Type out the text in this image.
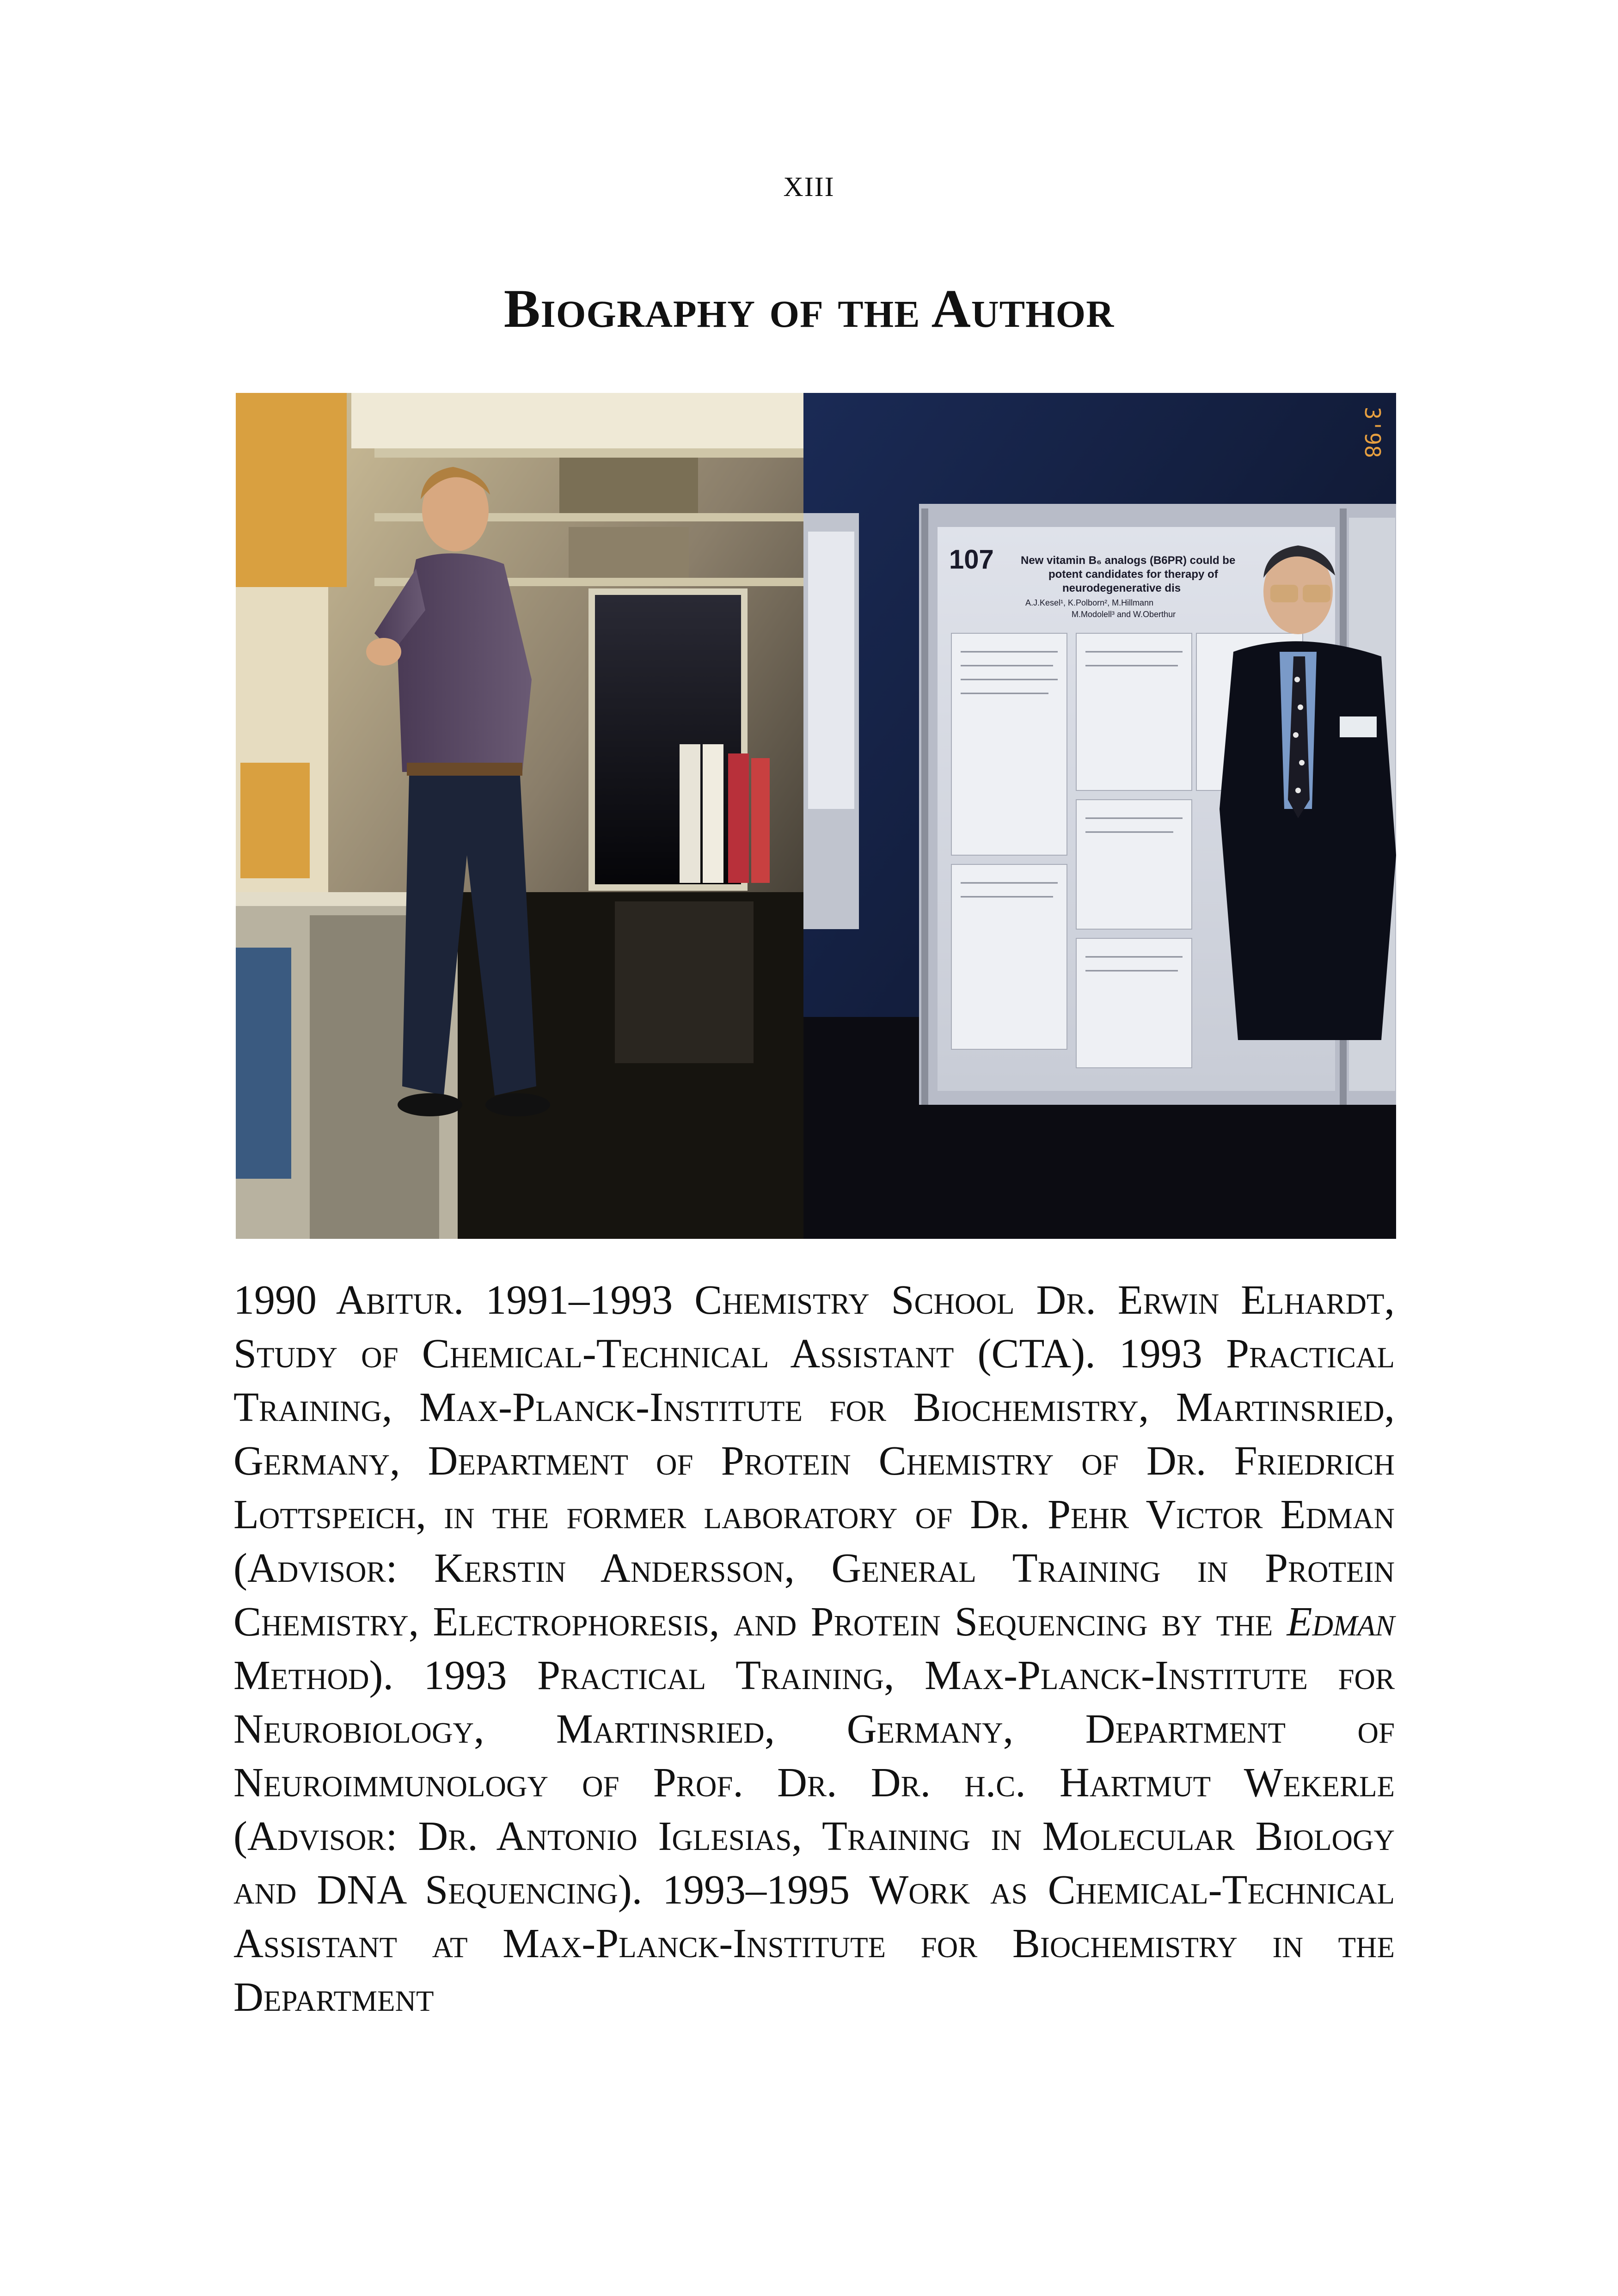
XIII
Biography of the Author
107 New vitamin B₆ analogs (B6PR) could be
potent candidates for therapy of
neurodegenerative dis
A.J.Kesel¹, K.Polborn², M.Hillmann
M.Modolell³ and W.Oberthur
3'98

1990 Abitur. 1991–1993 Chemistry School Dr. Erwin Elhardt, Study of Chemical-Technical Assistant (CTA). 1993 Practical Training, Max-Planck-Institute for Biochemistry, Martinsried, Germany, Department of Protein Chemistry of Dr. Friedrich Lottspeich, in the former laboratory of Dr. Pehr Victor Edman (Advisor: Kerstin Andersson, General Training in Protein Chemistry, Electrophoresis, and Protein Sequencing by the Edman Method). 1993 Practical Training, Max-Planck-Institute for Neurobiology, Martinsried, Germany, Department of Neuroimmunology of Prof. Dr. Dr. h.c. Hartmut Wekerle (Advisor: Dr. Antonio Iglesias, Training in Molecular Biology and DNA Sequencing). 1993–1995 Work as Chemical-Technical Assistant at Max-Planck-Institute for Biochemistry in the Department
